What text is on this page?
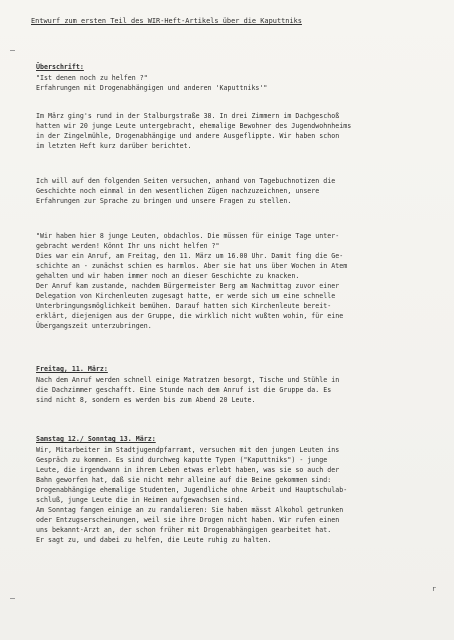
Entwurf zum ersten Teil des WIR-Heft-Artikels über die Kaputtniks
Überschrift:
"Ist denen noch zu helfen ?"
Erfahrungen mit Drogenabhängigen und anderen 'Kaputtniks'"
Im März ging's rund in der Stalburgstraße 38. In drei Zimmern im Dachgeschoß
hatten wir 20 junge Leute untergebracht, ehemalige Bewohner des Jugendwohnheims
in der Zingelmühle, Drogenabhängige und andere Ausgeflippte. Wir haben schon
im letzten Heft kurz darüber berichtet.
Ich will auf den folgenden Seiten versuchen, anhand von Tagebuchnotizen die
Geschichte noch einmal in den wesentlichen Zügen nachzuzeichnen, unsere
Erfahrungen zur Sprache zu bringen und unsere Fragen zu stellen.
"Wir haben hier 8 junge Leuten, obdachlos. Die müssen für einige Tage unter-
gebracht werden! Könnt Ihr uns nicht helfen ?"
Dies war ein Anruf, am Freitag, den 11. März um 16.00 Uhr. Damit fing die Ge-
schichte an - zunächst schien es harmlos. Aber sie hat uns über Wochen in Atem
gehalten und wir haben immer noch an dieser Geschichte zu knacken.
Der Anruf kam zustande, nachdem Bürgermeister Berg am Nachmittag zuvor einer
Delegation von Kirchenleuten zugesagt hatte, er werde sich um eine schnelle
Unterbringungsmöglichkeit bemühen. Darauf hatten sich Kirchenleute bereit-
erklärt, diejenigen aus der Gruppe, die wirklich nicht wußten wohin, für eine
Übergangszeit unterzubringen.
Freitag, 11. März:
Nach dem Anruf werden schnell einige Matratzen besorgt, Tische und Stühle in
die Dachzimmer geschafft. Eine Stunde nach dem Anruf ist die Gruppe da. Es
sind nicht 8, sondern es werden bis zum Abend 20 Leute.
Samstag 12./ Sonntag 13. März:
Wir, Mitarbeiter im Stadtjugendpfarramt, versuchen mit den jungen Leuten ins
Gespräch zu kommen. Es sind durchweg kaputte Typen ("Kaputtniks") - junge
Leute, die irgendwann in ihrem Leben etwas erlebt haben, was sie so auch der
Bahn geworfen hat, daß sie nicht mehr alleine auf die Beine gekommen sind:
Drogenabhängige ehemalige Studenten, Jugendliche ohne Arbeit und Hauptschulab-
schluß, junge Leute die in Heimen aufgewachsen sind.
Am Sonntag fangen einige an zu randalieren: Sie haben mässt Alkohol getrunken
oder Entzugserscheinungen, weil sie ihre Drogen nicht haben. Wir rufen einen
uns bekannt-Arzt an, der schon früher mit Drogenabhängigen gearbeitet hat.
Er sagt zu, und dabei zu helfen, die Leute ruhig zu halten.
r
